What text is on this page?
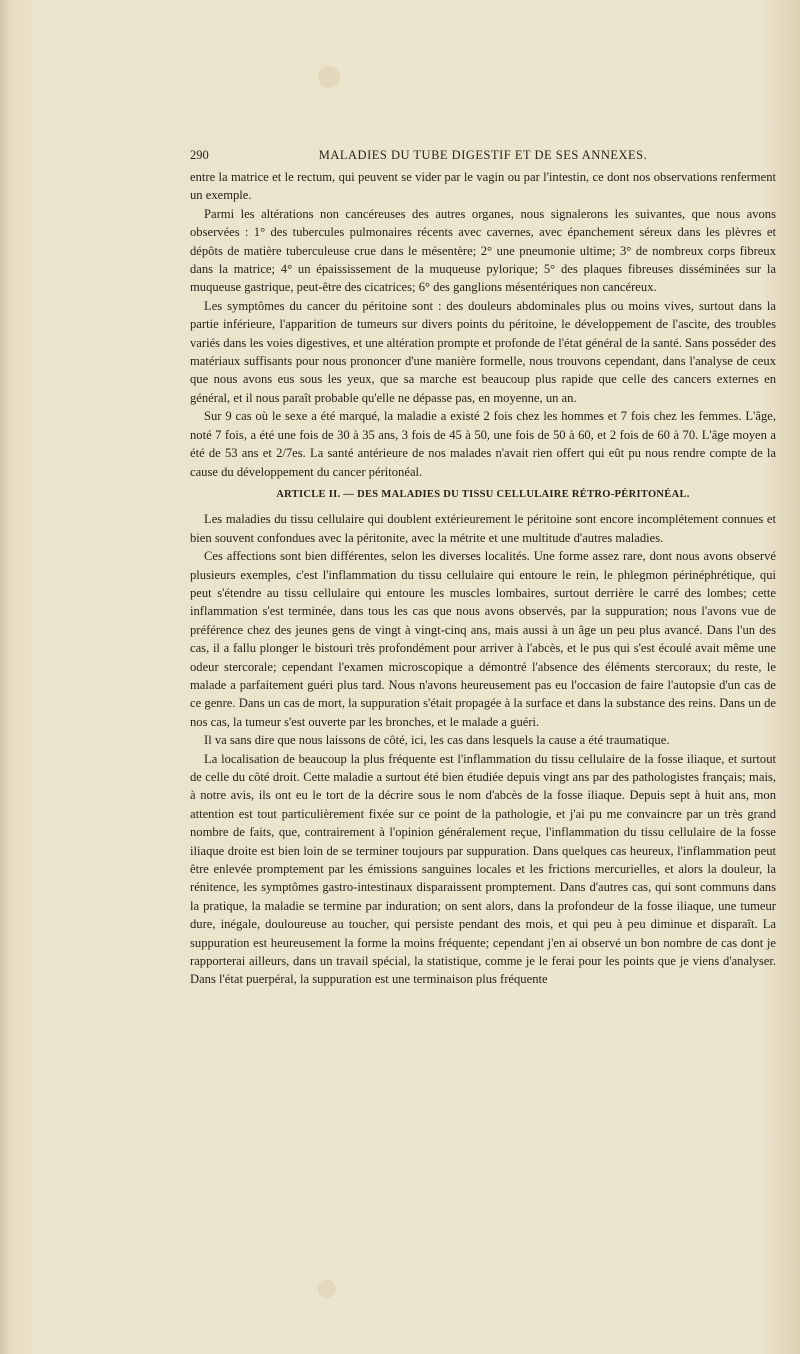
290	MALADIES DU TUBE DIGESTIF ET DE SES ANNEXES.

entre la matrice et le rectum, qui peuvent se vider par le vagin ou par l'intestin, ce dont nos observations renferment un exemple.

Parmi les altérations non cancéreuses des autres organes, nous signalerons les suivantes, que nous avons observées : 1° des tubercules pulmonaires récents avec cavernes, avec épanchement séreux dans les plèvres et dépôts de matière tuberculeuse crue dans le mésentère; 2° une pneumonie ultime; 3° de nombreux corps fibreux dans la matrice; 4° un épaississement de la muqueuse pylorique; 5° des plaques fibreuses disséminées sur la muqueuse gastrique, peut-être des cicatrices; 6° des ganglions mésentériques non cancéreux.

Les symptômes du cancer du péritoine sont : des douleurs abdominales plus ou moins vives, surtout dans la partie inférieure, l'apparition de tumeurs sur divers points du péritoine, le développement de l'ascite, des troubles variés dans les voies digestives, et une altération prompte et profonde de l'état général de la santé. Sans posséder des matériaux suffisants pour nous prononcer d'une manière formelle, nous trouvons cependant, dans l'analyse de ceux que nous avons eus sous les yeux, que sa marche est beaucoup plus rapide que celle des cancers externes en général, et il nous paraît probable qu'elle ne dépasse pas, en moyenne, un an.

Sur 9 cas où le sexe a été marqué, la maladie a existé 2 fois chez les hommes et 7 fois chez les femmes. L'âge, noté 7 fois, a été une fois de 30 à 35 ans, 3 fois de 45 à 50, une fois de 50 à 60, et 2 fois de 60 à 70. L'âge moyen a été de 53 ans et 2/7es. La santé antérieure de nos malades n'avait rien offert qui eût pu nous rendre compte de la cause du développement du cancer péritonéal.

ARTICLE II. — DES MALADIES DU TISSU CELLULAIRE RÉTRO-PÉRITONÉAL.

Les maladies du tissu cellulaire qui doublent extérieurement le péritoine sont encore incomplétement connues et bien souvent confondues avec la péritonite, avec la métrite et une multitude d'autres maladies.

Ces affections sont bien différentes, selon les diverses localités. Une forme assez rare, dont nous avons observé plusieurs exemples, c'est l'inflammation du tissu cellulaire qui entoure le rein, le phlegmon périnéphrétique, qui peut s'étendre au tissu cellulaire qui entoure les muscles lombaires, surtout derrière le carré des lombes; cette inflammation s'est terminée, dans tous les cas que nous avons observés, par la suppuration; nous l'avons vue de préférence chez des jeunes gens de vingt à vingt-cinq ans, mais aussi à un âge un peu plus avancé. Dans l'un des cas, il a fallu plonger le bistouri très profondément pour arriver à l'abcès, et le pus qui s'est écoulé avait même une odeur stercorale; cependant l'examen microscopique a démontré l'absence des éléments stercoraux; du reste, le malade a parfaitement guéri plus tard. Nous n'avons heureusement pas eu l'occasion de faire l'autopsie d'un cas de ce genre. Dans un cas de mort, la suppuration s'était propagée à la surface et dans la substance des reins. Dans un de nos cas, la tumeur s'est ouverte par les bronches, et le malade a guéri.

Il va sans dire que nous laissons de côté, ici, les cas dans lesquels la cause a été traumatique.

La localisation de beaucoup la plus fréquente est l'inflammation du tissu cellulaire de la fosse iliaque, et surtout de celle du côté droit. Cette maladie a surtout été bien étudiée depuis vingt ans par des pathologistes français; mais, à notre avis, ils ont eu le tort de la décrire sous le nom d'abcès de la fosse iliaque. Depuis sept à huit ans, mon attention est tout particulièrement fixée sur ce point de la pathologie, et j'ai pu me convaincre par un très grand nombre de faits, que, contrairement à l'opinion généralement reçue, l'inflammation du tissu cellulaire de la fosse iliaque droite est bien loin de se terminer toujours par suppuration. Dans quelques cas heureux, l'inflammation peut être enlevée promptement par les émissions sanguines locales et les frictions mercurielles, et alors la douleur, la rénitence, les symptômes gastro-intestinaux disparaissent promptement. Dans d'autres cas, qui sont communs dans la pratique, la maladie se termine par induration; on sent alors, dans la profondeur de la fosse iliaque, une tumeur dure, inégale, douloureuse au toucher, qui persiste pendant des mois, et qui peu à peu diminue et disparaît. La suppuration est heureusement la forme la moins fréquente; cependant j'en ai observé un bon nombre de cas dont je rapporterai ailleurs, dans un travail spécial, la statistique, comme je le ferai pour les points que je viens d'analyser. Dans l'état puerpéral, la suppuration est une terminaison plus fréquente
